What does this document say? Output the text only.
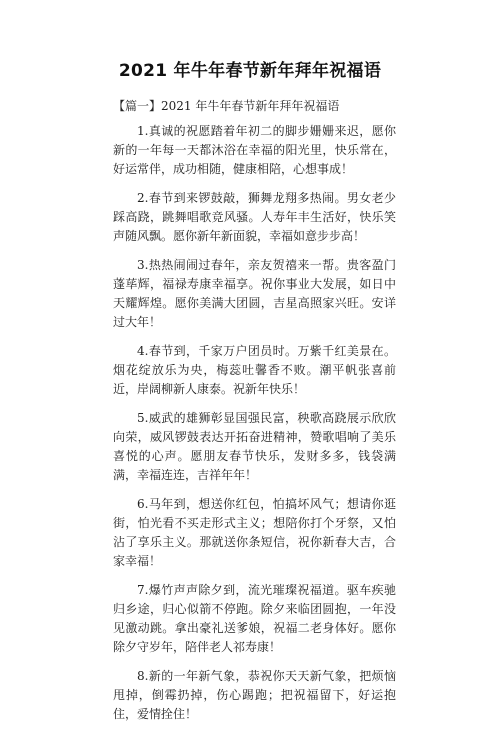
2021 年牛年春节新年拜年祝福语
【篇一】2021 年牛年春节新年拜年祝福语

1.真诚的祝愿踏着年初二的脚步姗姗来迟，愿你新的一年每一天都沐浴在幸福的阳光里，快乐常在，好运常伴，成功相随，健康相陪，心想事成！

2.春节到来锣鼓敲，狮舞龙翔多热闹。男女老少踩高跷，跳舞唱歌竞风骚。人寿年丰生活好，快乐笑声随风飘。愿你新年新面貌，幸福如意步步高！

3.热热闹闹过春年，亲友贺禧来一帮。贵客盈门蓬荜辉，福禄寿康幸福享。祝你事业大发展，如日中天耀辉煌。愿你美满大团圆，吉星高照家兴旺。安详过大年！

4.春节到，千家万户团员时。万紫千红美景在。烟花绽放乐为央，梅蕊吐馨香不败。潮平帆张喜前近，岸阔柳新人康泰。祝新年快乐！

5.威武的雄狮彰显国强民富，秧歌高跷展示欣欣向荣，威风锣鼓表达开拓奋进精神，赞歌唱响了美乐喜悦的心声。愿朋友春节快乐，发财多多，钱袋满满，幸福连连，吉祥年年！

6.马年到，想送你红包，怕搞坏风气；想请你逛街，怕光看不买走形式主义；想陪你打个牙祭，又怕沾了享乐主义。那就送你条短信，祝你新春大吉，合家幸福！

7.爆竹声声除夕到，流光璀璨祝福道。驱车疾驰归乡途，归心似箭不停跑。除夕来临团圆抱，一年没见激动跳。拿出豪礼送爹娘，祝福二老身体好。愿你除夕守岁年，陪伴老人祁寿康！

8.新的一年新气象，恭祝你天天新气象，把烦恼甩掉，倒霉扔掉，伤心踢跑；把祝福留下，好运抱住，爱情拴住！
